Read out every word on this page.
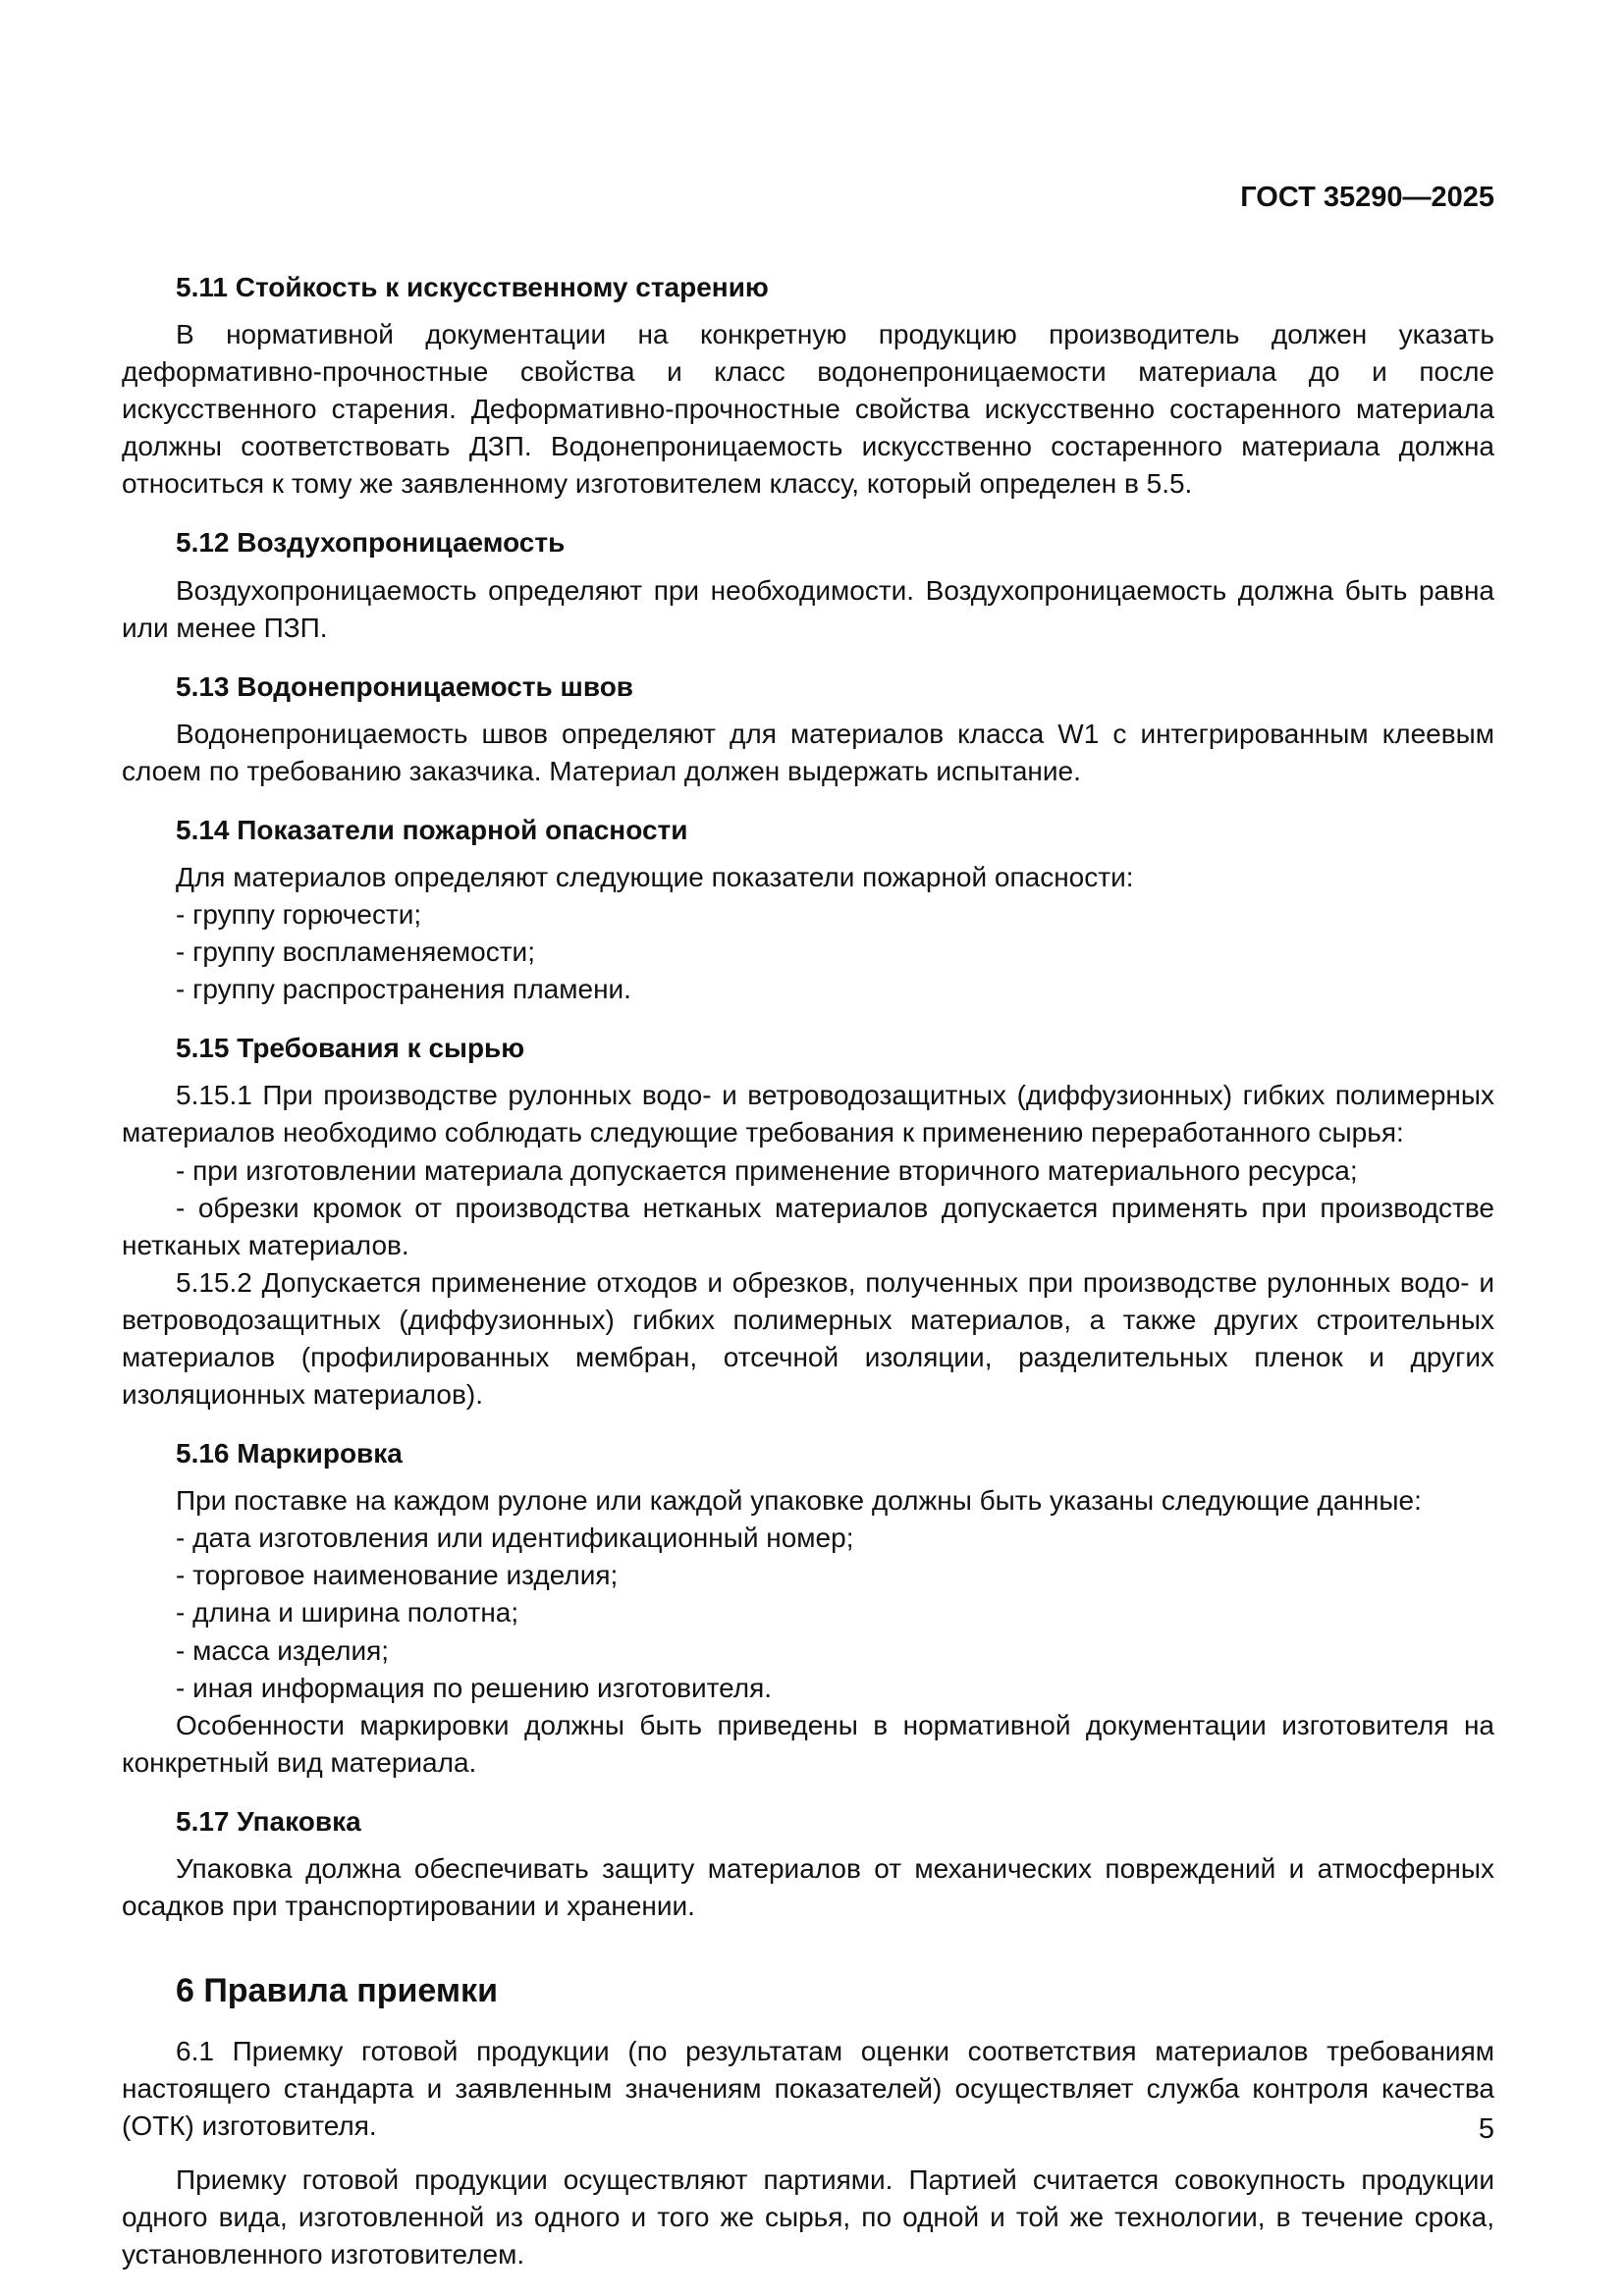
ГОСТ 35290—2025
5.11 Стойкость к искусственному старению
В нормативной документации на конкретную продукцию производитель должен указать деформативно-прочностные свойства и класс водонепроницаемости материала до и после искусственного старения. Деформативно-прочностные свойства искусственно состаренного материала должны соответствовать ДЗП. Водонепроницаемость искусственно состаренного материала должна относиться к тому же заявленному изготовителем классу, который определен в 5.5.
5.12 Воздухопроницаемость
Воздухопроницаемость определяют при необходимости. Воздухопроницаемость должна быть равна или менее ПЗП.
5.13 Водонепроницаемость швов
Водонепроницаемость швов определяют для материалов класса W1 с интегрированным клеевым слоем по требованию заказчика. Материал должен выдержать испытание.
5.14 Показатели пожарной опасности
Для материалов определяют следующие показатели пожарной опасности:
- группу горючести;
- группу воспламеняемости;
- группу распространения пламени.
5.15 Требования к сырью
5.15.1 При производстве рулонных водо- и ветроводозащитных (диффузионных) гибких полимерных материалов необходимо соблюдать следующие требования к применению переработанного сырья:
- при изготовлении материала допускается применение вторичного материального ресурса;
- обрезки кромок от производства нетканых материалов допускается применять при производстве нетканых материалов.
5.15.2 Допускается применение отходов и обрезков, полученных при производстве рулонных водо- и ветроводозащитных (диффузионных) гибких полимерных материалов, а также других строительных материалов (профилированных мембран, отсечной изоляции, разделительных пленок и других изоляционных материалов).
5.16 Маркировка
При поставке на каждом рулоне или каждой упаковке должны быть указаны следующие данные:
- дата изготовления или идентификационный номер;
- торговое наименование изделия;
- длина и ширина полотна;
- масса изделия;
- иная информация по решению изготовителя.
Особенности маркировки должны быть приведены в нормативной документации изготовителя на конкретный вид материала.
5.17 Упаковка
Упаковка должна обеспечивать защиту материалов от механических повреждений и атмосферных осадков при транспортировании и хранении.
6 Правила приемки
6.1 Приемку готовой продукции (по результатам оценки соответствия материалов требованиям настоящего стандарта и заявленным значениям показателей) осуществляет служба контроля качества (ОТК) изготовителя.
Приемку готовой продукции осуществляют партиями. Партией считается совокупность продукции одного вида, изготовленной из одного и того же сырья, по одной и той же технологии, в течение срока, установленного изготовителем.
5
